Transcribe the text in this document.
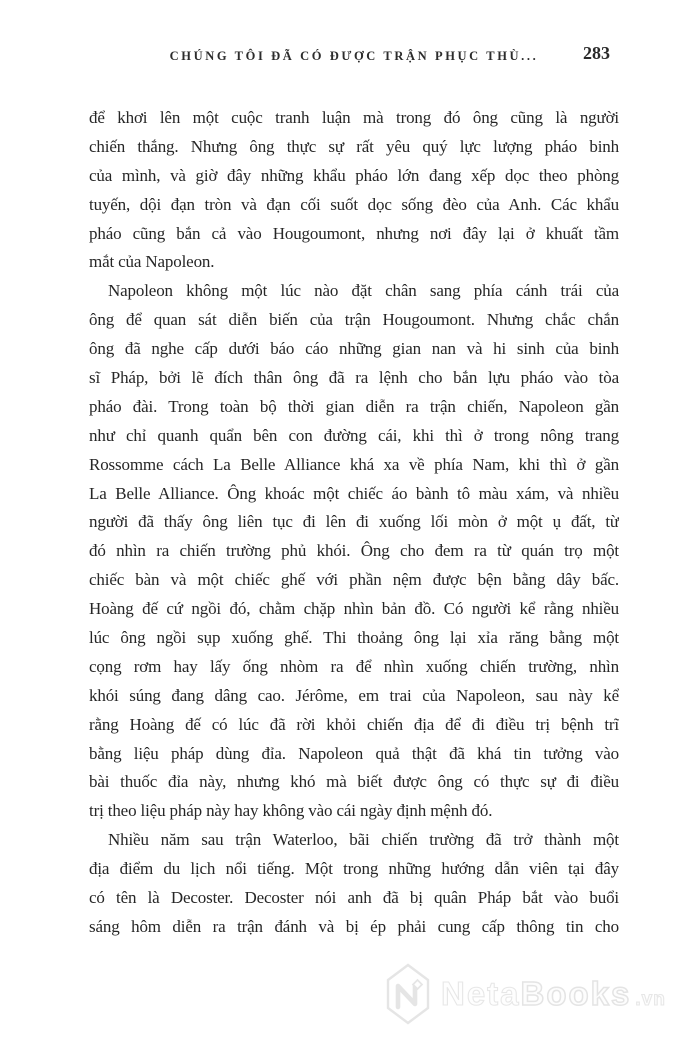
CHÚNG TÔI ĐÃ CÓ ĐƯỢC TRẬN PHỤC THÙ...	283
để khơi lên một cuộc tranh luận mà trong đó ông cũng là người
chiến thắng. Nhưng ông thực sự rất yêu quý lực lượng pháo binh
của mình, và giờ đây những khẩu pháo lớn đang xếp dọc theo phòng
tuyến, dội đạn tròn và đạn cối suốt dọc sống đèo của Anh. Các khẩu
pháo cũng bắn cả vào Hougoumont, nhưng nơi đây lại ở khuất tầm
mắt của Napoleon.
Napoleon không một lúc nào đặt chân sang phía cánh trái của
ông để quan sát diễn biến của trận Hougoumont. Nhưng chắc chắn
ông đã nghe cấp dưới báo cáo những gian nan và hi sinh của binh
sĩ Pháp, bởi lẽ đích thân ông đã ra lệnh cho bắn lựu pháo vào tòa
pháo đài. Trong toàn bộ thời gian diễn ra trận chiến, Napoleon gần
như chỉ quanh quẩn bên con đường cái, khi thì ở trong nông trang
Rossomme cách La Belle Alliance khá xa về phía Nam, khi thì ở gần
La Belle Alliance. Ông khoác một chiếc áo bành tô màu xám, và nhiều
người đã thấy ông liên tục đi lên đi xuống lối mòn ở một ụ đất, từ
đó nhìn ra chiến trường phủ khói. Ông cho đem ra từ quán trọ một
chiếc bàn và một chiếc ghế với phần nệm được bện bằng dây bấc.
Hoàng đế cứ ngồi đó, chằm chặp nhìn bản đồ. Có người kể rằng nhiều
lúc ông ngồi sụp xuống ghế. Thi thoảng ông lại xỉa răng bằng một
cọng rơm hay lấy ống nhòm ra để nhìn xuống chiến trường, nhìn
khói súng đang dâng cao. Jérôme, em trai của Napoleon, sau này kể
rằng Hoàng đế có lúc đã rời khỏi chiến địa để đi điều trị bệnh trĩ
bằng liệu pháp dùng đỉa. Napoleon quả thật đã khá tin tưởng vào
bài thuốc đỉa này, nhưng khó mà biết được ông có thực sự đi điều
trị theo liệu pháp này hay không vào cái ngày định mệnh đó.
Nhiều năm sau trận Waterloo, bãi chiến trường đã trở thành một
địa điểm du lịch nổi tiếng. Một trong những hướng dẫn viên tại đây
có tên là Decoster. Decoster nói anh đã bị quân Pháp bắt vào buổi
sáng hôm diễn ra trận đánh và bị ép phải cung cấp thông tin cho
Neta Books .vn
